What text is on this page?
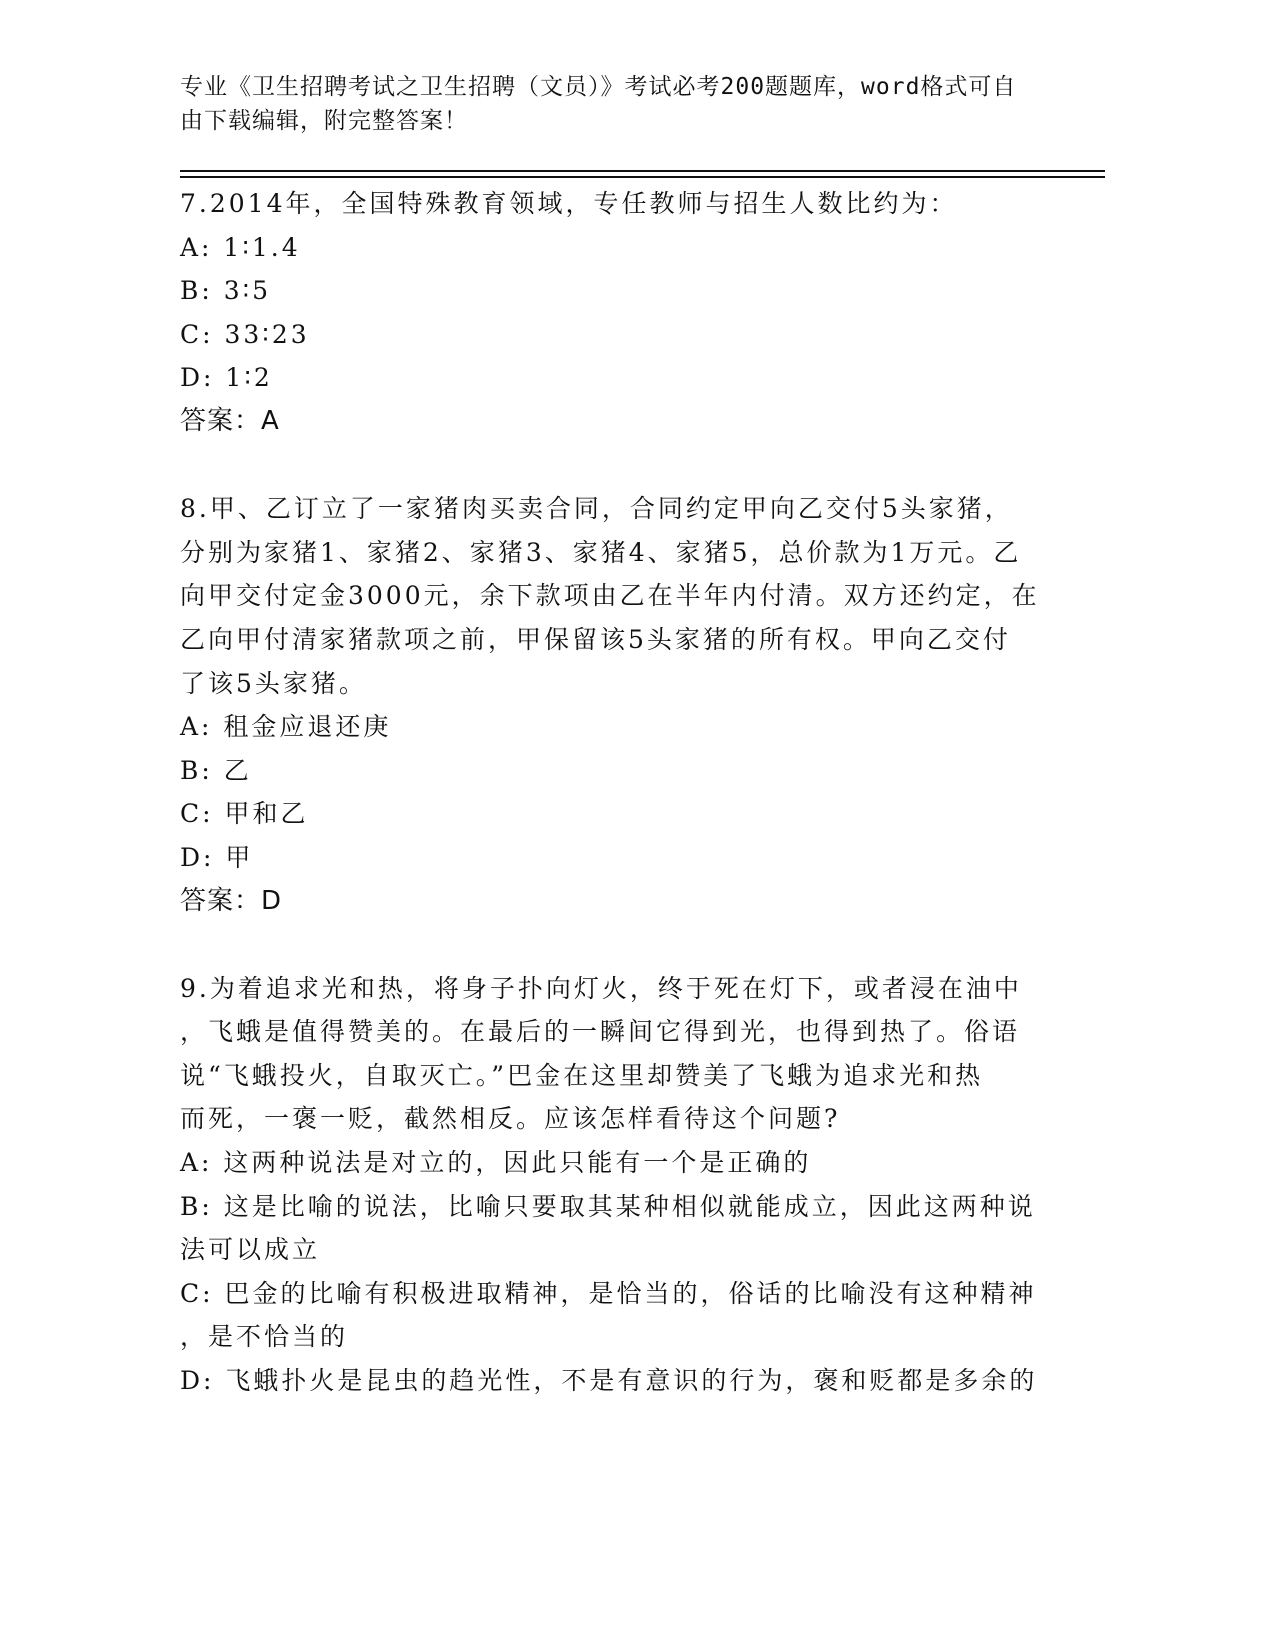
专业《卫生招聘考试之卫生招聘（文员）》考试必考200题题库，word格式可自
由下载编辑，附完整答案！
7.2014年，全国特殊教育领域，专任教师与招生人数比约为：
A: 1∶1.4
B: 3∶5
C: 33∶23
D: 1∶2
答案：A
8.甲、乙订立了一家猪肉买卖合同，合同约定甲向乙交付5头家猪，
分别为家猪1、家猪2、家猪3、家猪4、家猪5，总价款为1万元。乙
向甲交付定金3000元，余下款项由乙在半年内付清。双方还约定，在
乙向甲付清家猪款项之前，甲保留该5头家猪的所有权。甲向乙交付
了该5头家猪。
A: 租金应退还庚
B: 乙
C: 甲和乙
D: 甲
答案：D
9.为着追求光和热，将身子扑向灯火，终于死在灯下，或者浸在油中
，飞蛾是值得赞美的。在最后的一瞬间它得到光，也得到热了。俗语
说“飞蛾投火，自取灭亡。”巴金在这里却赞美了飞蛾为追求光和热
而死，一褒一贬，截然相反。应该怎样看待这个问题?
A: 这两种说法是对立的，因此只能有一个是正确的
B: 这是比喻的说法，比喻只要取其某种相似就能成立，因此这两种说
法可以成立
C: 巴金的比喻有积极进取精神，是恰当的，俗话的比喻没有这种精神
，是不恰当的
D: 飞蛾扑火是昆虫的趋光性，不是有意识的行为，褒和贬都是多余的
